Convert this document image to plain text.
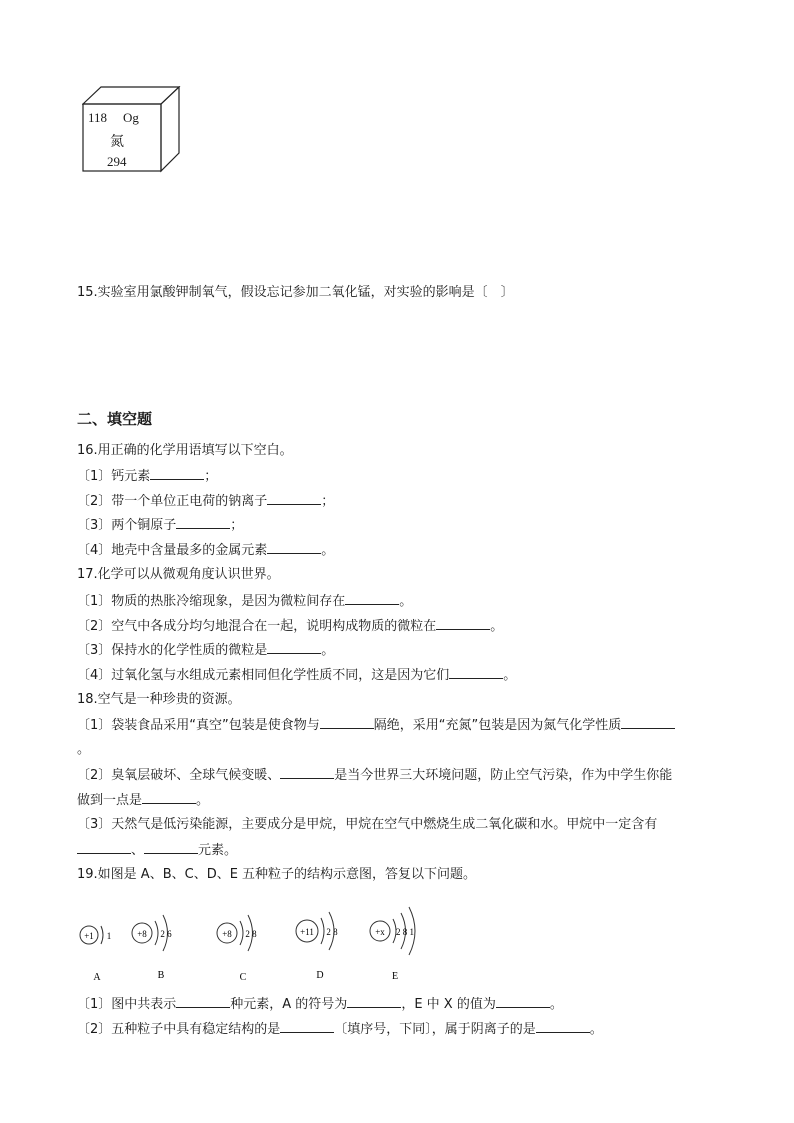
118 Og
氮
294
15.实验室用氯酸钾制氧气，假设忘记参加二氧化锰，对实验的影响是〔　〕
二、填空题
16.用正确的化学用语填写以下空白。
〔1〕钙元素	；
〔2〕带一个单位正电荷的钠离子	；
〔3〕两个铜原子	；
〔4〕地壳中含量最多的金属元素	。
17.化学可以从微观角度认识世界。
〔1〕物质的热胀冷缩现象，是因为微粒间存在	。
〔2〕空气中各成分均匀地混合在一起，说明构成物质的微粒在	。
〔3〕保持水的化学性质的微粒是	。
〔4〕过氧化氢与水组成元素相同但化学性质不同，这是因为它们	。
18.空气是一种珍贵的资源。
〔1〕袋装食品采用“真空”包装是使食物与	隔绝，采用“充氮”包装是因为氮气化学性质
。
〔2〕臭氧层破坏、全球气候变暖、	是当今世界三大环境问题，防止空气污染，作为中学生你能
做到一点是	。
〔3〕天然气是低污染能源，主要成分是甲烷，甲烷在空气中燃烧生成二氧化碳和水。甲烷中一定含有
、	元素。
19.如图是 A、B、C、D、E 五种粒子的结构示意图，答复以下问题。
+1 1	+8 2 6	+8 2 8	+11 2 8	+x 2 8 1
A	B	C	D	E
〔1〕图中共表示	种元素，A 的符号为	，E 中 X 的值为	。
〔2〕五种粒子中具有稳定结构的是	〔填序号，下同〕，属于阴离子的是	。
